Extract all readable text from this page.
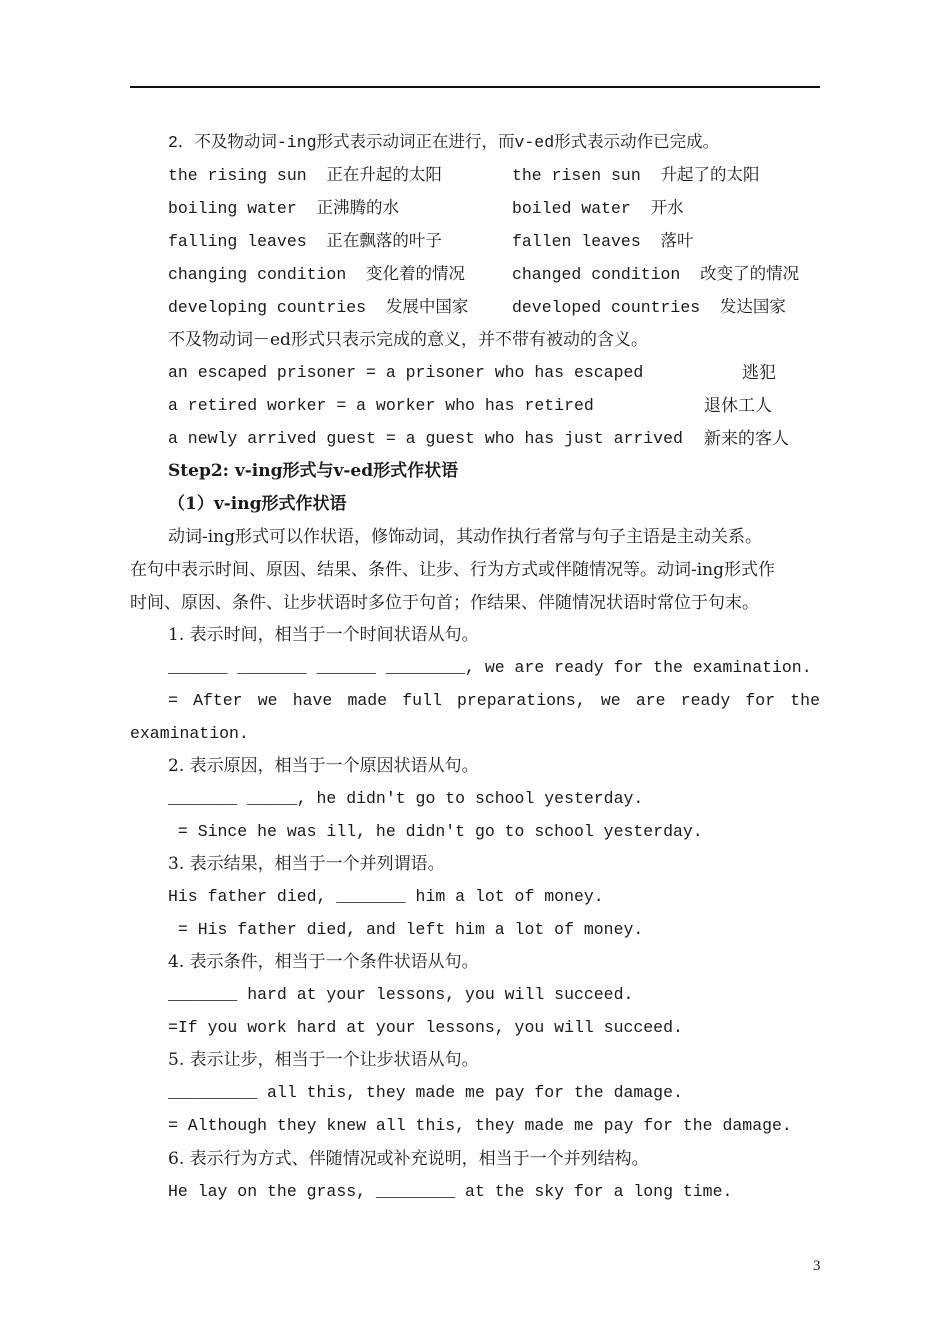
2．不及物动词-ing形式表示动词正在进行，而v-ed形式表示动作已完成。
the rising sun  正在升起的太阳	the risen sun  升起了的太阳
boiling water  正沸腾的水	boiled water  开水
falling leaves  正在飘落的叶子	fallen leaves  落叶
changing condition  变化着的情况	changed condition  改变了的情况
developing countries  发展中国家	developed countries  发达国家
不及物动词－ed形式只表示完成的意义，并不带有被动的含义。
an escaped prisoner = a prisoner who has escaped	逃犯
a retired worker = a worker who has retired	退休工人
a newly arrived guest = a guest who has just arrived 新来的客人
Step2: v-ing形式与v-ed形式作状语
（1）v-ing形式作状语
动词-ing形式可以作状语，修饰动词，其动作执行者常与句子主语是主动关系。
在句中表示时间、原因、结果、条件、让步、行为方式或伴随情况等。动词-ing形式作
时间、原因、条件、让步状语时多位于句首；作结果、伴随情况状语时常位于句末。
1. 表示时间，相当于一个时间状语从句。
______ _______ ______ ________, we are ready for the examination.
= After we have made full preparations, we are ready for the
examination.
2. 表示原因，相当于一个原因状语从句。
_______ _____, he didn't go to school yesterday.
= Since he was ill, he didn't go to school yesterday.
3. 表示结果，相当于一个并列谓语。
His father died, _______ him a lot of money.
= His father died, and left him a lot of money.
4. 表示条件，相当于一个条件状语从句。
_______ hard at your lessons, you will succeed.
=If you work hard at your lessons, you will succeed.
5. 表示让步，相当于一个让步状语从句。
_________ all this, they made me pay for the damage.
= Although they knew all this, they made me pay for the damage.
6. 表示行为方式、伴随情况或补充说明，相当于一个并列结构。
He lay on the grass, ________ at the sky for a long time.
3
